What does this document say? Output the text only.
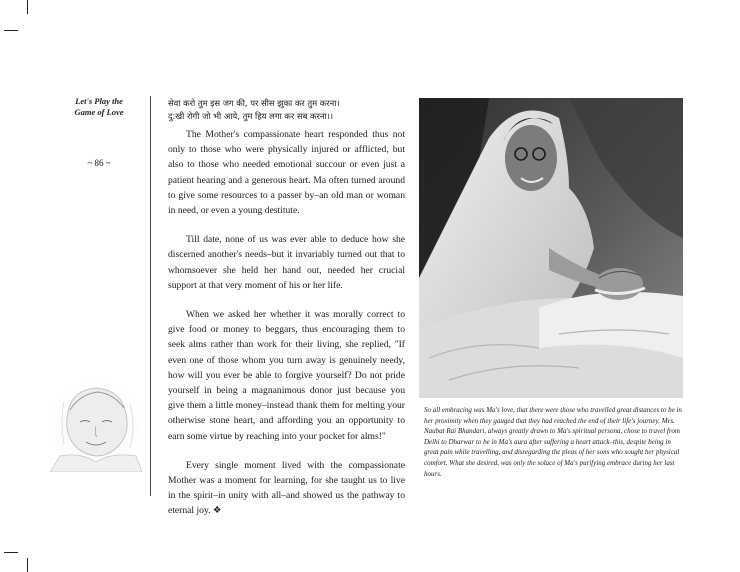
Let's Play the Game of Love
~ 86 ~
सेवा करो तुम इस जग की, पर सीस झुका कर तुम करना।
दु:खी रोगी जो भी आये, तुम हिय लगा कर सब करना।।

The Mother's compassionate heart responded thus not only to those who were physically injured or afflicted, but also to those who needed emotional succour or even just a patient hearing and a generous heart. Ma often turned around to give some resources to a passer by–an old man or woman in need, or even a young destitute.

Till date, none of us was ever able to deduce how she discerned another's needs–but it invariably turned out that to whomsoever she held her hand out, needed her crucial support at that very moment of his or her life.

When we asked her whether it was morally correct to give food or money to beggars, thus encouraging them to seek alms rather than work for their living, she replied, "If even one of those whom you turn away is genuinely needy, how will you ever be able to forgive yourself? Do not pride yourself in being a magnanimous donor just because you give them a little money–instead thank them for melting your otherwise stone heart, and affording you an opportunity to earn some virtue by reaching into your pocket for alms!"

Every single moment lived with the compassionate Mother was a moment for learning, for she taught us to live in the spirit–in unity with all–and showed us the pathway to eternal joy. ❖

So all embracing was Ma's love, that there were those who travelled great distances to be in her proximity when they gauged that they had reached the end of their life's journey. Mrs. Naubat Rai Bhandari, always greatly drawn to Ma's spiritual persona, chose to travel from Delhi to Dharwar to be in Ma's aura after suffering a heart attack–this, despite being in great pain while travelling, and disregarding the pleas of her sons who sought her physical comfort. What she desired, was only the solace of Ma's purifying embrace during her last hours.
